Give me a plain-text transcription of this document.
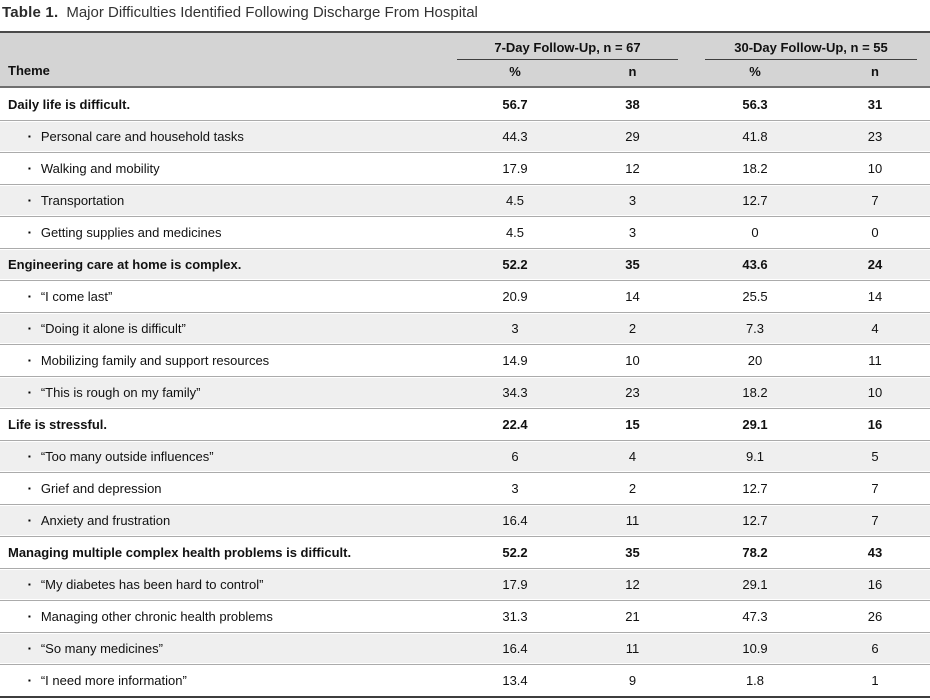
Table 1. Major Difficulties Identified Following Discharge From Hospital
Theme
7-Day Follow-Up, n = 67
%	n
30-Day Follow-Up, n = 55
%	n
Daily life is difficult.	56.7	38	56.3	31
▪ Personal care and household tasks	44.3	29	41.8	23
▪ Walking and mobility	17.9	12	18.2	10
▪ Transportation	4.5	3	12.7	7
▪ Getting supplies and medicines	4.5	3	0	0
Engineering care at home is complex.	52.2	35	43.6	24
▪ “I come last”	20.9	14	25.5	14
▪ “Doing it alone is difficult”	3	2	7.3	4
▪ Mobilizing family and support resources	14.9	10	20	11
▪ “This is rough on my family”	34.3	23	18.2	10
Life is stressful.	22.4	15	29.1	16
▪ “Too many outside influences”	6	4	9.1	5
▪ Grief and depression	3	2	12.7	7
▪ Anxiety and frustration	16.4	11	12.7	7
Managing multiple complex health problems is difficult.	52.2	35	78.2	43
▪ “My diabetes has been hard to control”	17.9	12	29.1	16
▪ Managing other chronic health problems	31.3	21	47.3	26
▪ “So many medicines”	16.4	11	10.9	6
▪ “I need more information”	13.4	9	1.8	1
